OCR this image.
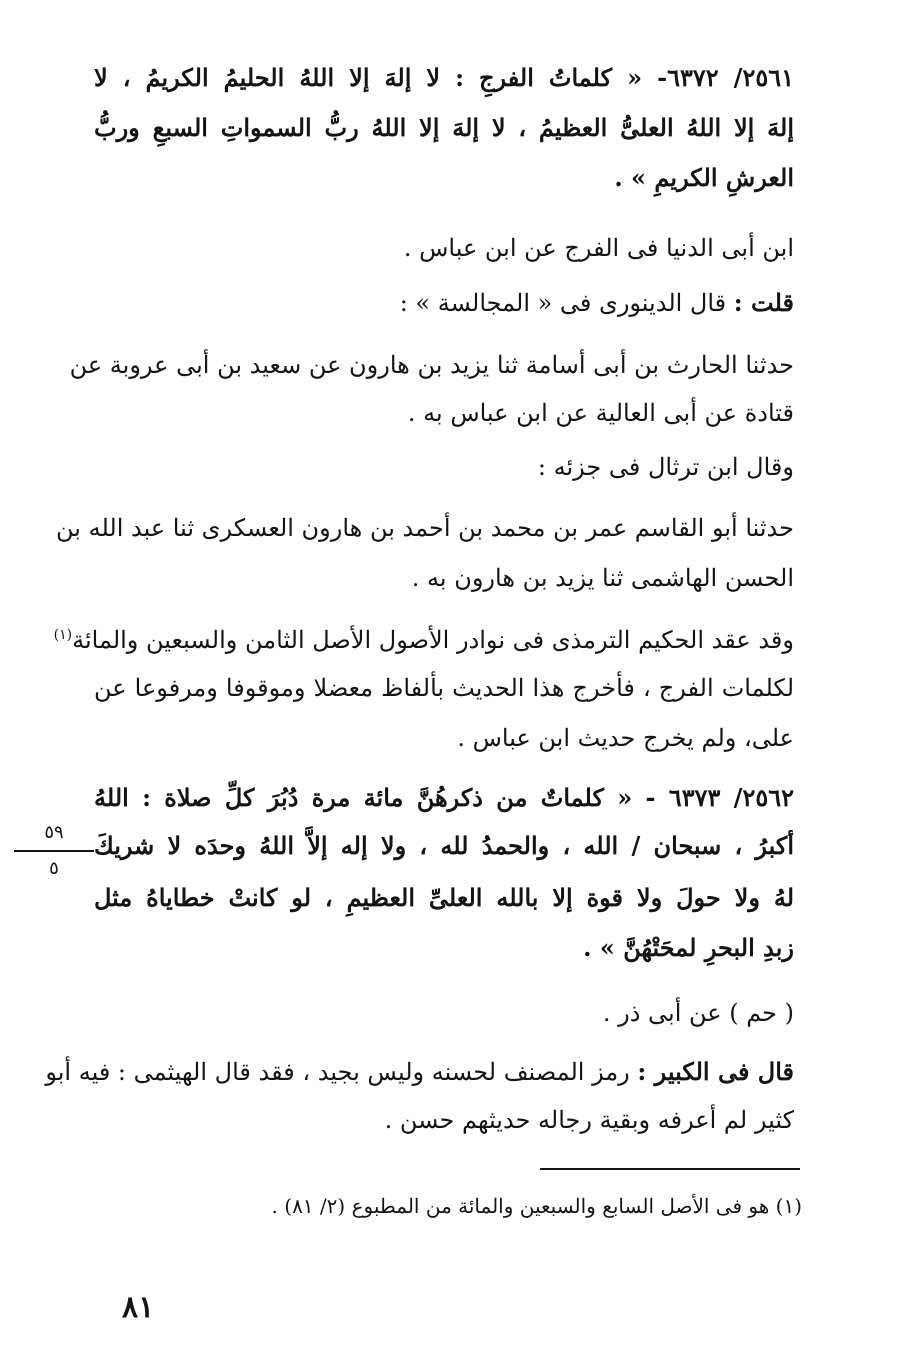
٢٥٦١/ ٦٣٧٢- « كلماتُ الفرجِ : لا إلهَ إلا اللهُ الحليمُ الكريمُ ، لا
إلهَ إلا اللهُ العلىُّ العظيمُ ، لا إلهَ إلا اللهُ ربُّ السمواتِ السبعِ وربُّ
العرشِ الكريمِ » .
ابن أبى الدنيا فى الفرج عن ابن عباس .
قلت : قال الدينورى فى « المجالسة » :
حدثنا الحارث بن أبى أسامة ثنا يزيد بن هارون عن سعيد بن أبى عروبة عن
قتادة عن أبى العالية عن ابن عباس به .
وقال ابن ترثال فى جزئه :
حدثنا أبو القاسم عمر بن محمد بن أحمد بن هارون العسكرى ثنا عبد الله بن
الحسن الهاشمى ثنا يزيد بن هارون به .
وقد عقد الحكيم الترمذى فى نوادر الأصول الأصل الثامن والسبعين والمائة$^{(١)}$
لكلمات الفرج ، فأخرج هذا الحديث بألفاظ معضلا وموقوفا ومرفوعا عن
على، ولم يخرج حديث ابن عباس .
٢٥٦٢/ ٦٣٧٣ - « كلماتٌ من ذكرهُنَّ مائة مرة دُبُرَ كلِّ صلاة : اللهُ
أكبرُ ، سبحان / الله ، والحمدُ لله ، ولا إله إلاَّ اللهُ وحدَه لا شريكَ
لهُ ولا حولَ ولا قوة إلا بالله العلىِّ العظيمِ ، لو كانتْ خطاياهُ مثل
زبدِ البحرِ لمحَتْهُنَّ » .
٥٩
٥
( حم ) عن أبى ذر .
قال فى الكبير : رمز المصنف لحسنه وليس بجيد ، فقد قال الهيثمى : فيه أبو
كثير لم أعرفه وبقية رجاله حديثهم حسن .
(١) هو فى الأصل السابع والسبعين والمائة من المطبوع (٢/ ٨١) .
٨١
